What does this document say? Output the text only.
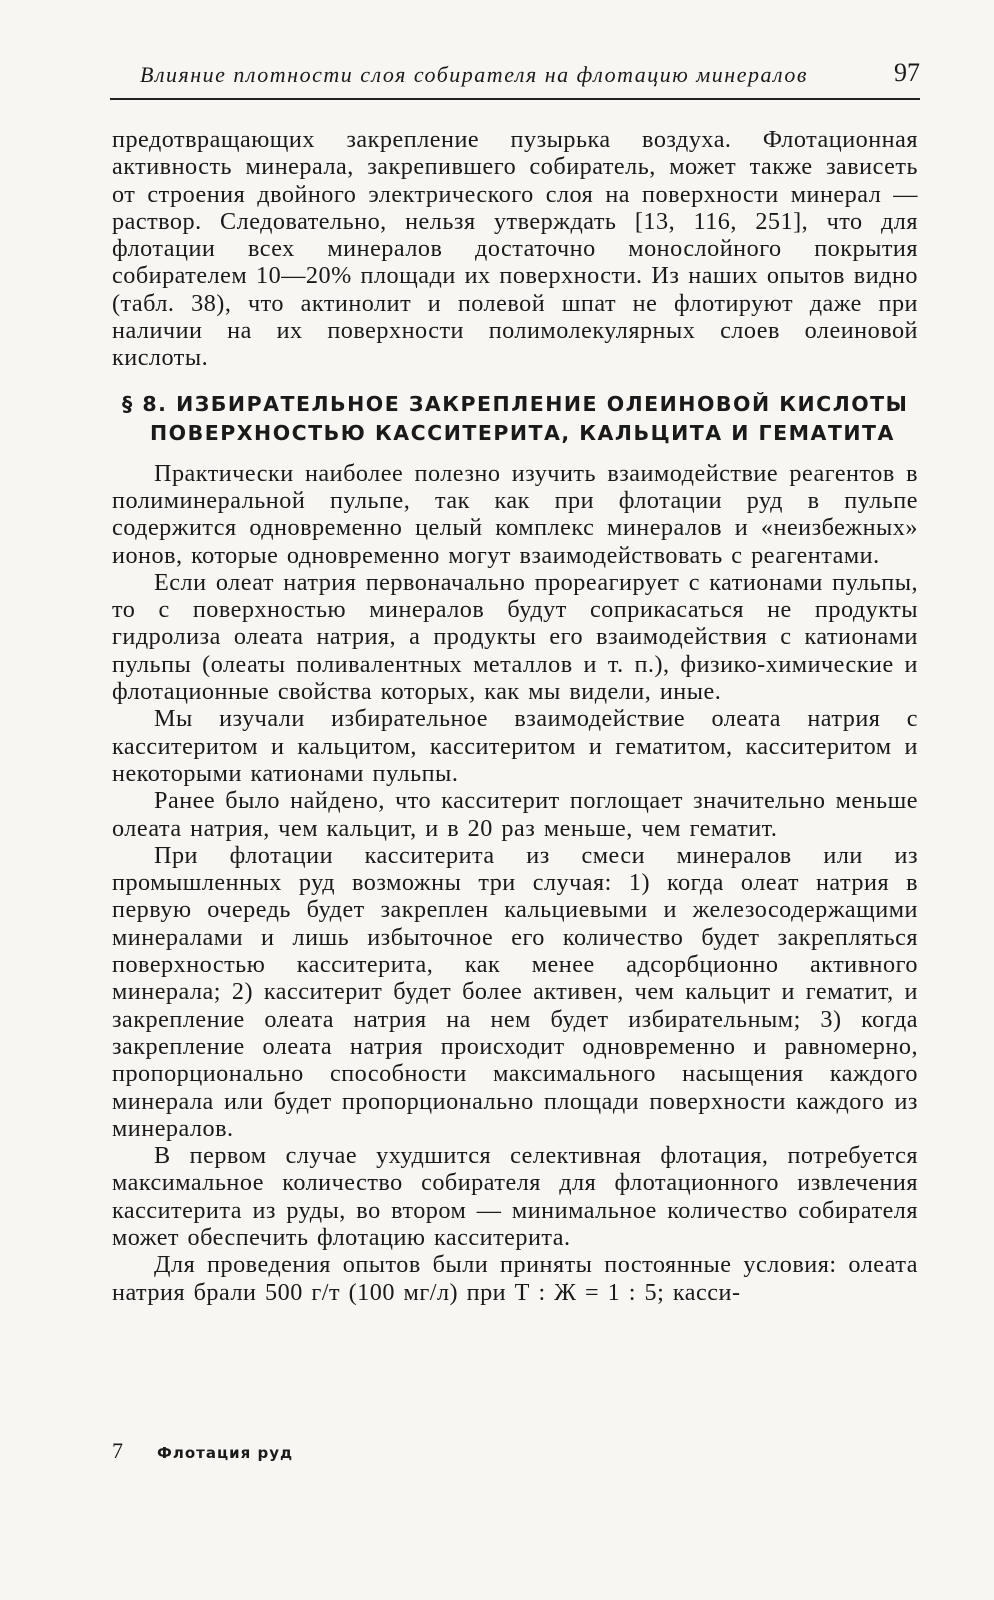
Влияние плотности слоя собирателя на флотацию минералов	97

предотвращающих закрепление пузырька воздуха. Флотационная активность минерала, закрепившего собиратель, может также зависеть от строения двойного электрического слоя на поверхности минерал — раствор. Следовательно, нельзя утверждать [13, 116, 251], что для флотации всех минералов достаточно монослойного покрытия собирателем 10—20% площади их поверхности. Из наших опытов видно (табл. 38), что актинолит и полевой шпат не флотируют даже при наличии на их поверхности полимолекулярных слоев олеиновой кислоты.

§ 8. ИЗБИРАТЕЛЬНОЕ ЗАКРЕПЛЕНИЕ ОЛЕИНОВОЙ КИСЛОТЫ
ПОВЕРХНОСТЬЮ КАССИТЕРИТА, КАЛЬЦИТА И ГЕМАТИТА

Практически наиболее полезно изучить взаимодействие реагентов в полиминеральной пульпе, так как при флотации руд в пульпе содержится одновременно целый комплекс минералов и «неизбежных» ионов, которые одновременно могут взаимодействовать с реагентами.

Если олеат натрия первоначально прореагирует с катионами пульпы, то с поверхностью минералов будут соприкасаться не продукты гидролиза олеата натрия, а продукты его взаимодействия с катионами пульпы (олеаты поливалентных металлов и т. п.), физико-химические и флотационные свойства которых, как мы видели, иные.

Мы изучали избирательное взаимодействие олеата натрия с касситеритом и кальцитом, касситеритом и гематитом, касситеритом и некоторыми катионами пульпы.

Ранее было найдено, что касситерит поглощает значительно меньше олеата натрия, чем кальцит, и в 20 раз меньше, чем гематит.

При флотации касситерита из смеси минералов или из промышленных руд возможны три случая: 1) когда олеат натрия в первую очередь будет закреплен кальциевыми и железосодержащими минералами и лишь избыточное его количество будет закрепляться поверхностью касситерита, как менее адсорбционно активного минерала; 2) касситерит будет более активен, чем кальцит и гематит, и закрепление олеата натрия на нем будет избирательным; 3) когда закрепление олеата натрия происходит одновременно и равномерно, пропорционально способности максимального насыщения каждого минерала или будет пропорционально площади поверхности каждого из минералов.

В первом случае ухудшится селективная флотация, потребуется максимальное количество собирателя для флотационного извлечения касситерита из руды, во втором — минимальное количество собирателя может обеспечить флотацию касситерита.

Для проведения опытов были приняты постоянные условия: олеата натрия брали 500 г/т (100 мг/л) при Т : Ж = 1 : 5; касси-

7 Флотация руд
